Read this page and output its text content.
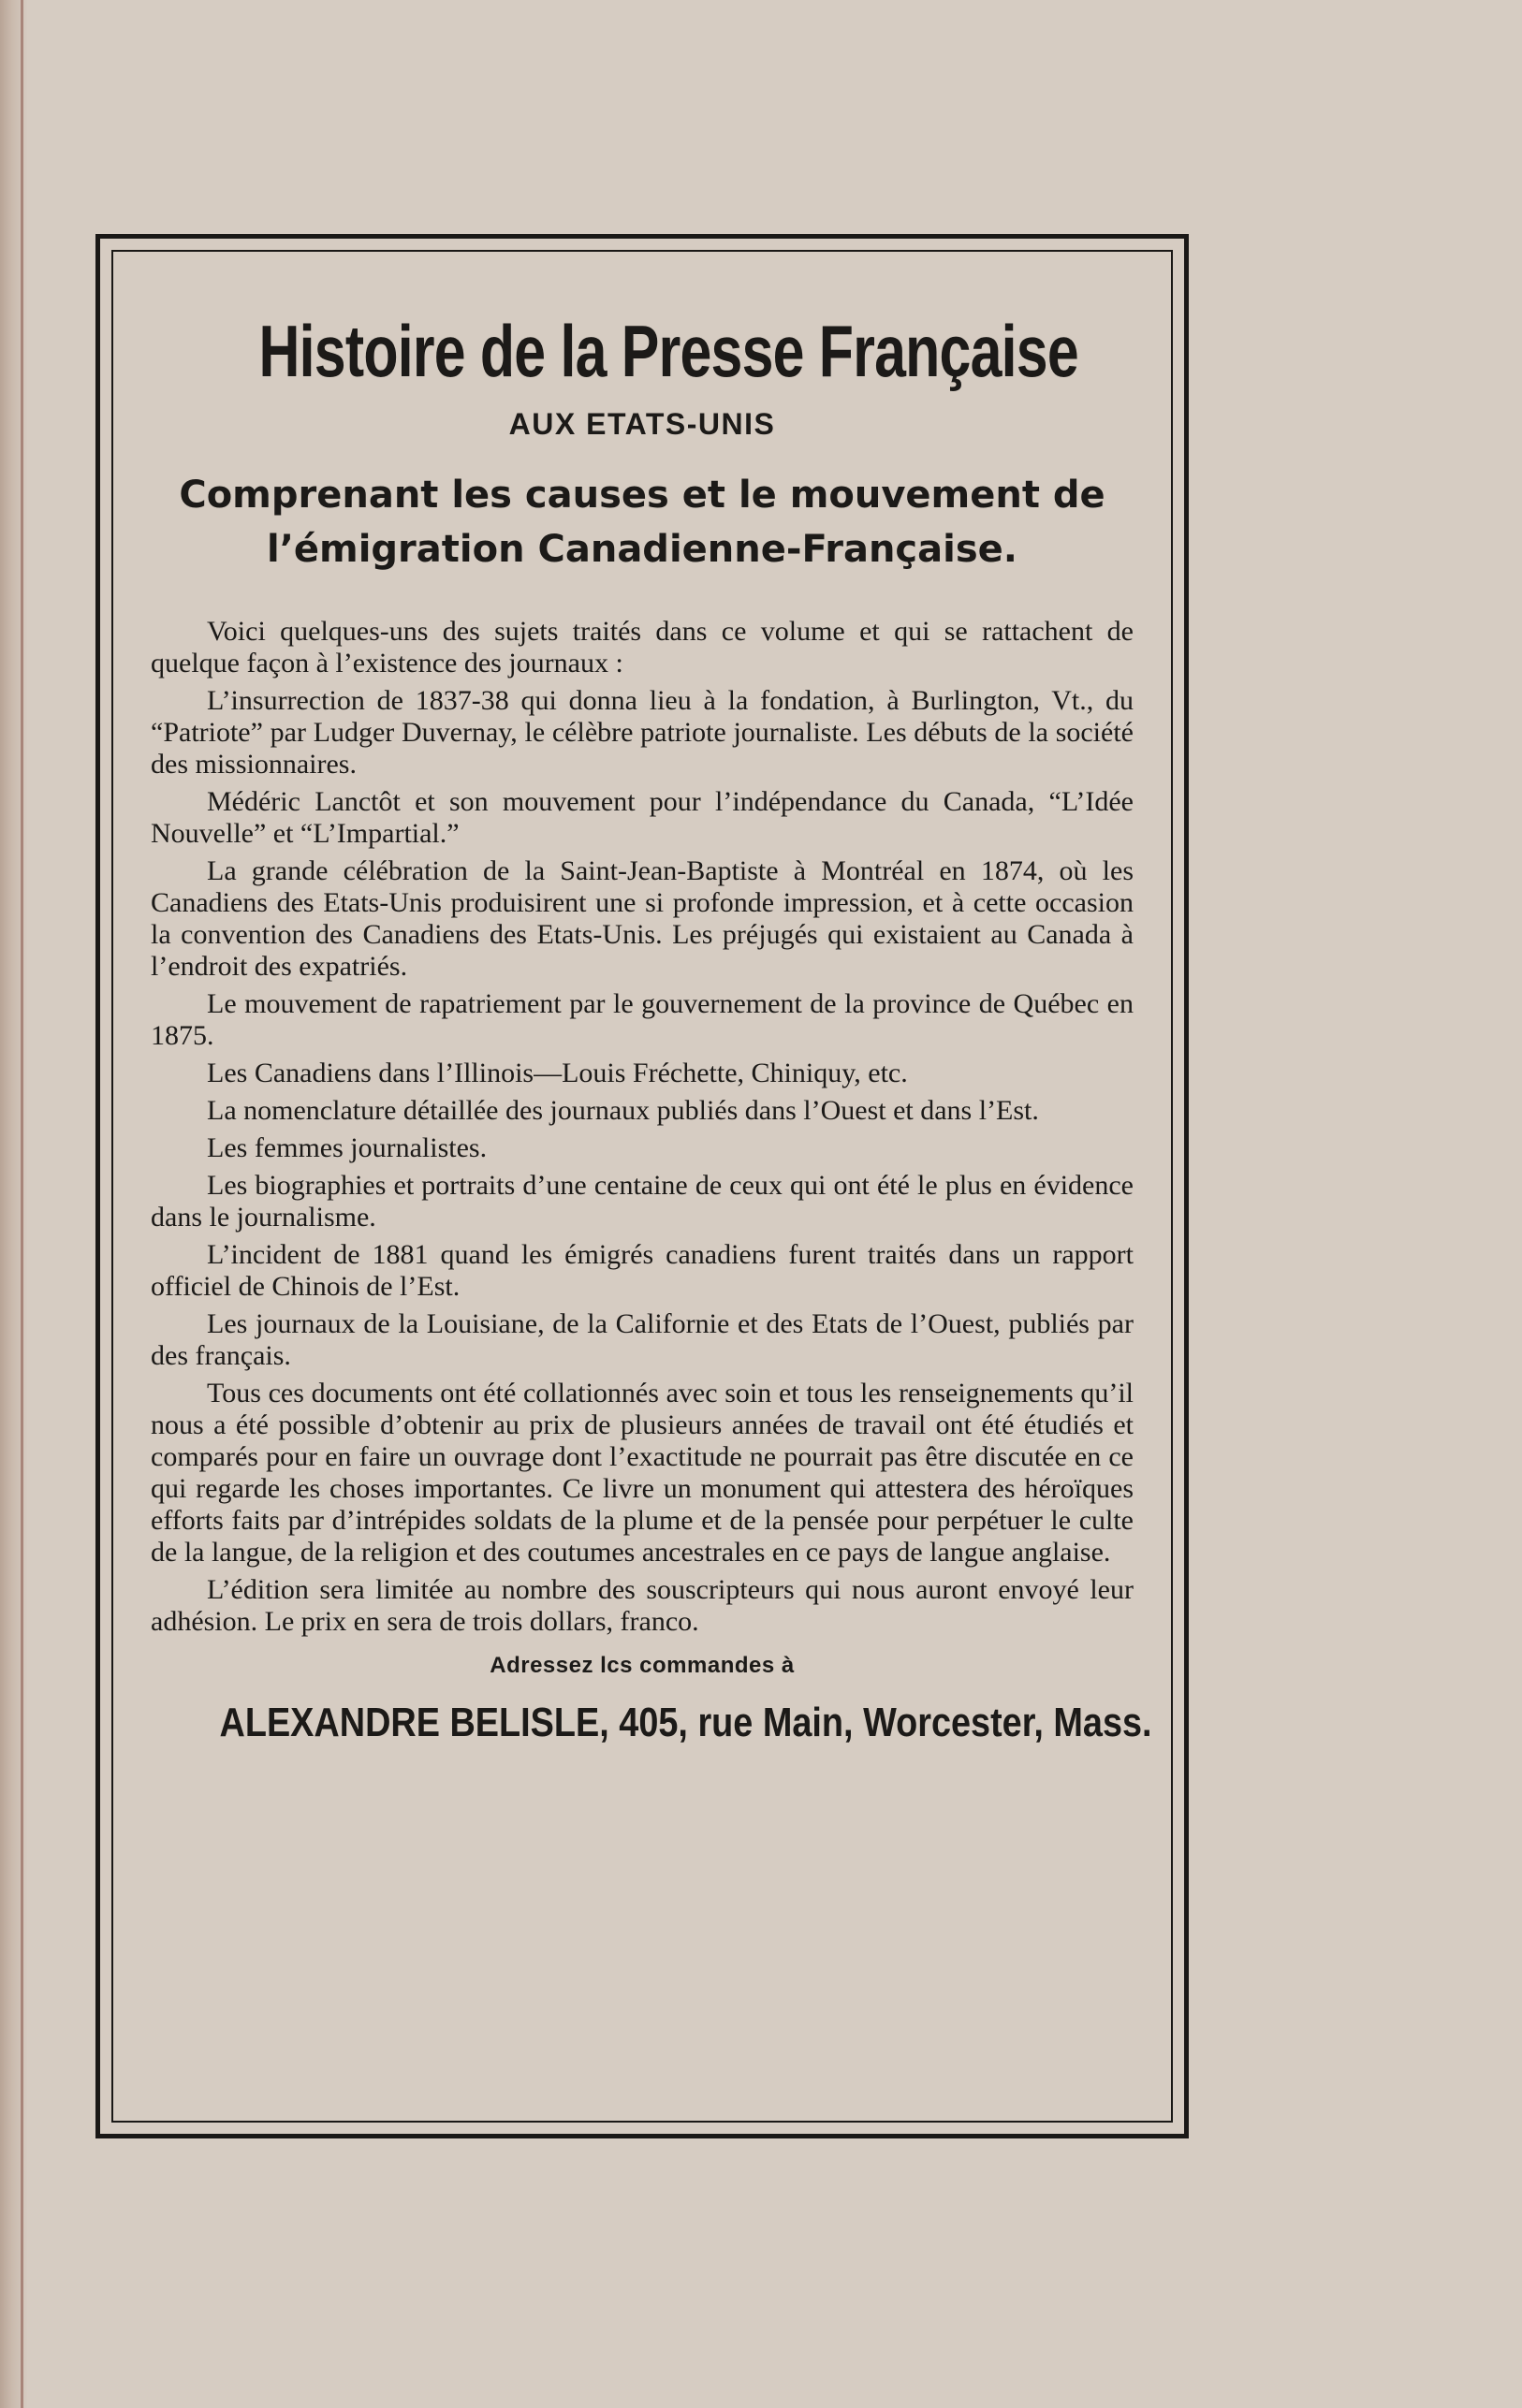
Histoire de la Presse Française
AUX ETATS-UNIS
Comprenant les causes et le mouvement de l’émigration Canadienne-Française.

Voici quelques-uns des sujets traités dans ce volume et qui se rattachent de quelque façon à l’existence des journaux :

L’insurrection de 1837-38 qui donna lieu à la fondation, à Burlington, Vt., du “Patriote” par Ludger Duvernay, le célèbre patriote journaliste. Les débuts de la société des missionnaires.

Médéric Lanctôt et son mouvement pour l’indépendance du Canada, “L’Idée Nouvelle” et “L’Impartial.”

La grande célébration de la Saint-Jean-Baptiste à Montréal en 1874, où les Canadiens des Etats-Unis produisirent une si profonde impression, et à cette occasion la convention des Canadiens des Etats-Unis. Les préjugés qui existaient au Canada à l’endroit des expatriés.

Le mouvement de rapatriement par le gouvernement de la province de Québec en 1875.

Les Canadiens dans l’Illinois—Louis Fréchette, Chiniquy, etc.

La nomenclature détaillée des journaux publiés dans l’Ouest et dans l’Est.

Les femmes journalistes.

Les biographies et portraits d’une centaine de ceux qui ont été le plus en évidence dans le journalisme.

L’incident de 1881 quand les émigrés canadiens furent traités dans un rapport officiel de Chinois de l’Est.

Les journaux de la Louisiane, de la Californie et des Etats de l’Ouest, publiés par des français.

Tous ces documents ont été collationnés avec soin et tous les renseignements qu’il nous a été possible d’obtenir au prix de plusieurs années de travail ont été étudiés et comparés pour en faire un ouvrage dont l’exactitude ne pourrait pas être discutée en ce qui regarde les choses importantes. Ce livre un monument qui attestera des héroïques efforts faits par d’intrépides soldats de la plume et de la pensée pour perpétuer le culte de la langue, de la religion et des coutumes ancestrales en ce pays de langue anglaise.

L’édition sera limitée au nombre des souscripteurs qui nous auront envoyé leur adhésion. Le prix en sera de trois dollars, franco.

Adressez lcs commandes à
ALEXANDRE BELISLE, 405, rue Main, Worcester, Mass.
